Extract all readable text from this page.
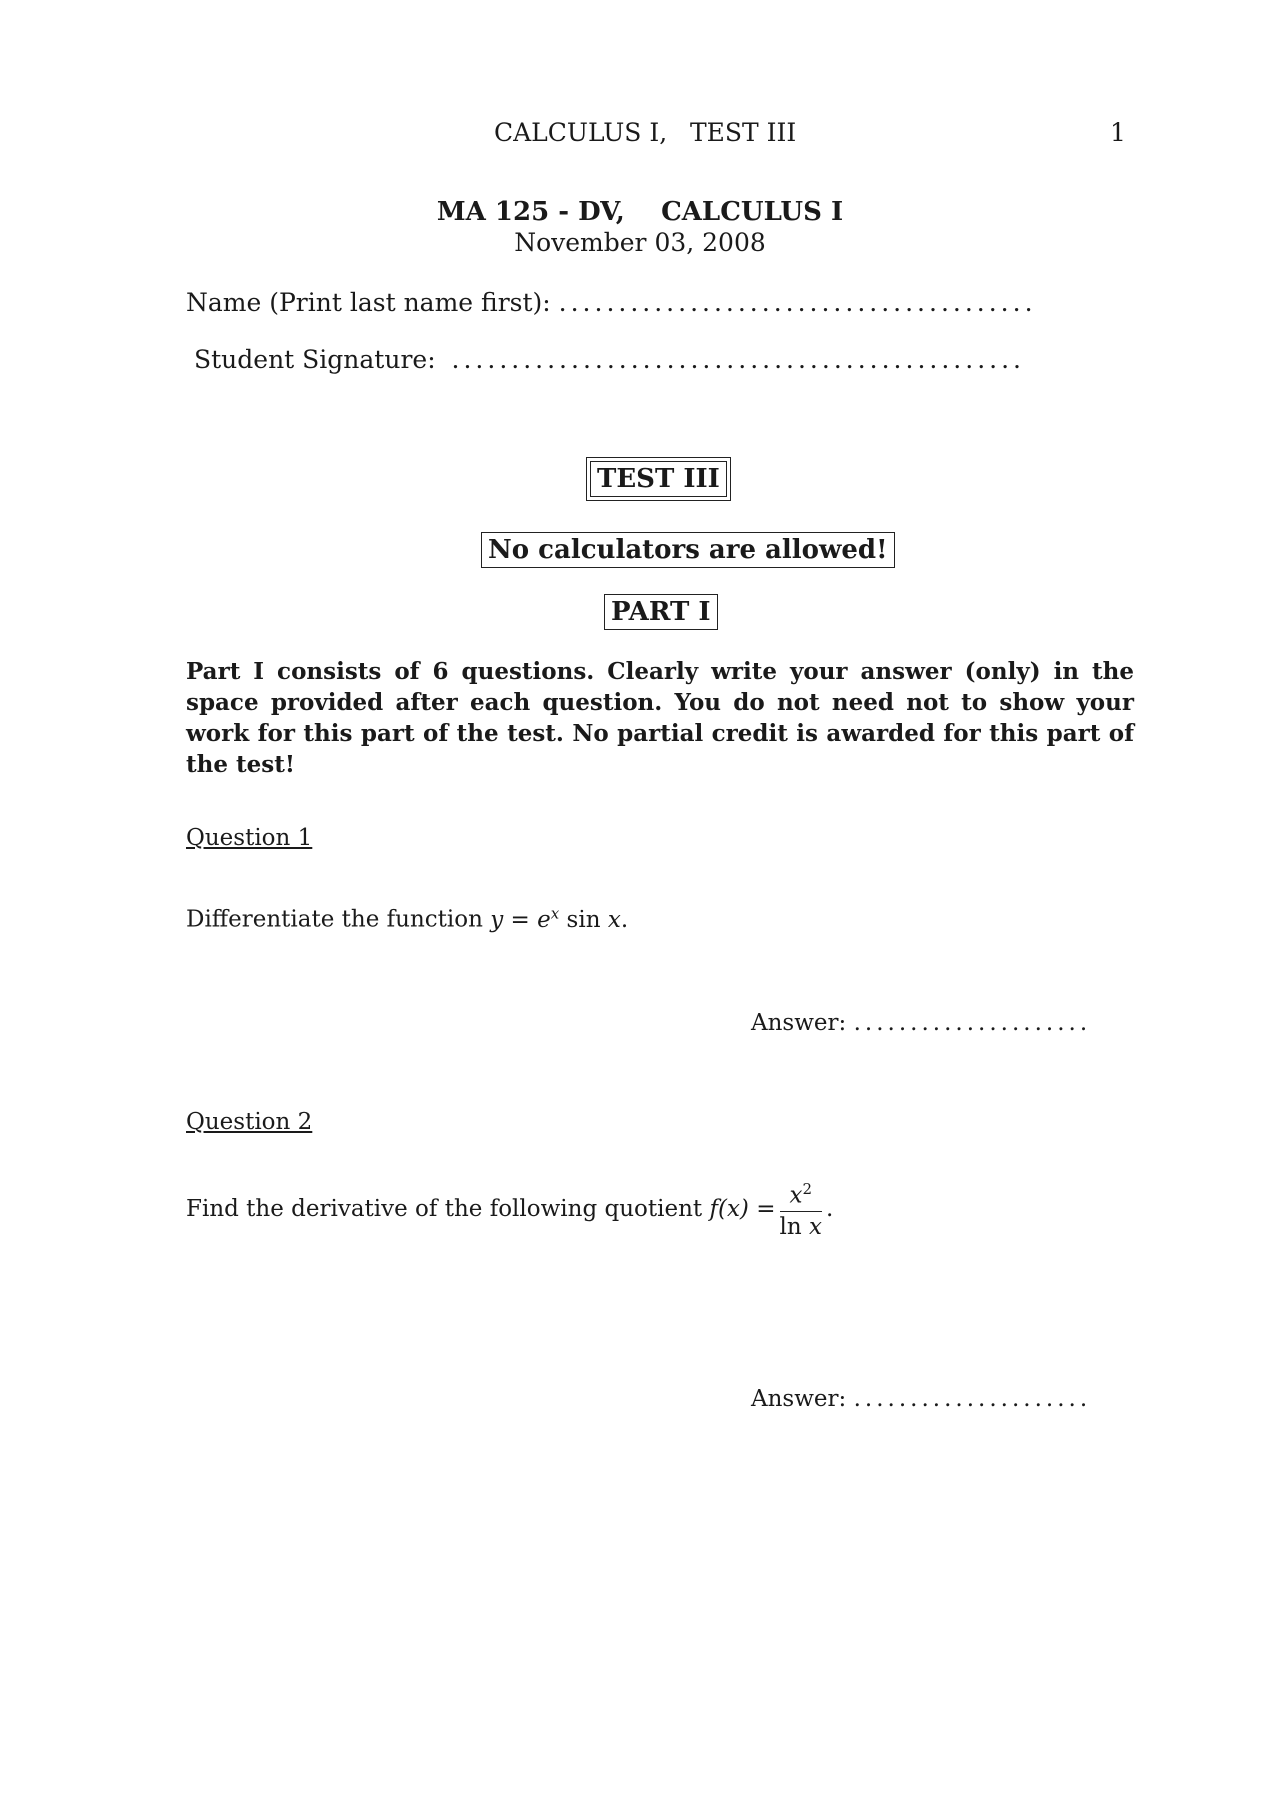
CALCULUS I, TEST III	1
MA 125 - DV, CALCULUS I
November 03, 2008
Name (Print last name first): ........................................
Student Signature: ................................................
TEST III
No calculators are allowed!
PART I
Part I consists of 6 questions. Clearly write your answer (only) in the space provided after each question. You do not need not to show your work for this part of the test. No partial credit is awarded for this part of the test!
Question 1
Differentiate the function $y = e^x$ sin x.
Answer: .....................
Question 2
Find the derivative of the following quotient $f(x) = \frac{x^2}{\text{ln x}}$ .
Answer: .....................
